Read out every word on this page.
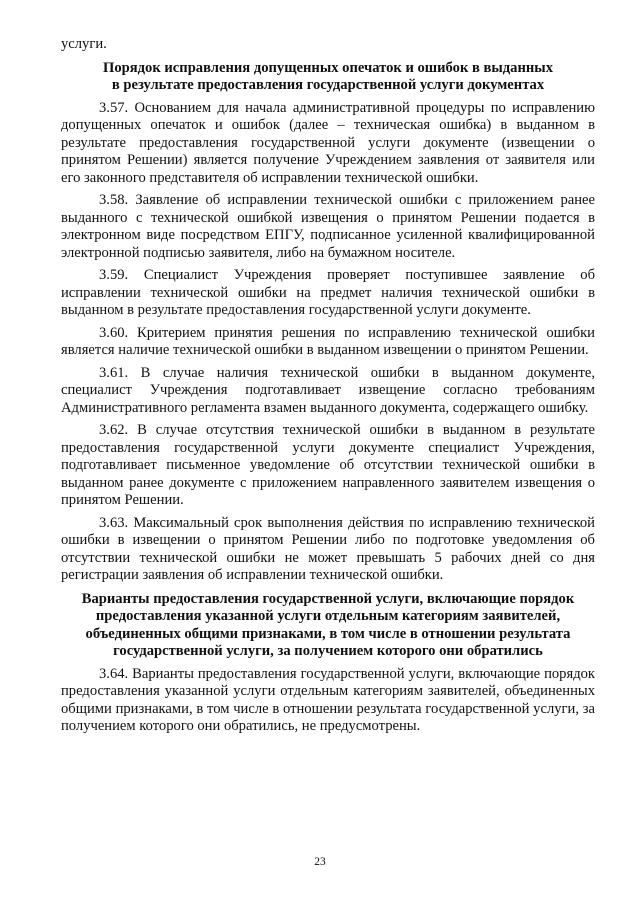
услуги.

Порядок исправления допущенных опечаток и ошибок в выданных
в результате предоставления государственной услуги документах

3.57. Основанием для начала административной процедуры по исправлению допущенных опечаток и ошибок (далее – техническая ошибка) в выданном в результате предоставления государственной услуги документе (извещении о принятом Решении) является получение Учреждением заявления от заявителя или его законного представителя об исправлении технической ошибки.

3.58. Заявление об исправлении технической ошибки с приложением ранее выданного с технической ошибкой извещения о принятом Решении подается в электронном виде посредством ЕПГУ, подписанное усиленной квалифицированной электронной подписью заявителя, либо на бумажном носителе.

3.59. Специалист Учреждения проверяет поступившее заявление об исправлении технической ошибки на предмет наличия технической ошибки в выданном в результате предоставления государственной услуги документе.

3.60. Критерием принятия решения по исправлению технической ошибки является наличие технической ошибки в выданном извещении о принятом Решении.

3.61. В случае наличия технической ошибки в выданном документе, специалист Учреждения подготавливает извещение согласно требованиям Административного регламента взамен выданного документа, содержащего ошибку.

3.62. В случае отсутствия технической ошибки в выданном в результате предоставления государственной услуги документе специалист Учреждения, подготавливает письменное уведомление об отсутствии технической ошибки в выданном ранее документе с приложением направленного заявителем извещения о принятом Решении.

3.63. Максимальный срок выполнения действия по исправлению технической ошибки в извещении о принятом Решении либо по подготовке уведомления об отсутствии технической ошибки не может превышать 5 рабочих дней со дня регистрации заявления об исправлении технической ошибки.

Варианты предоставления государственной услуги, включающие порядок
предоставления указанной услуги отдельным категориям заявителей,
объединенных общими признаками, в том числе в отношении результата
государственной услуги, за получением которого они обратились

3.64. Варианты предоставления государственной услуги, включающие порядок предоставления указанной услуги отдельным категориям заявителей, объединенных общими признаками, в том числе в отношении результата государственной услуги, за получением которого они обратились, не предусмотрены.

23
